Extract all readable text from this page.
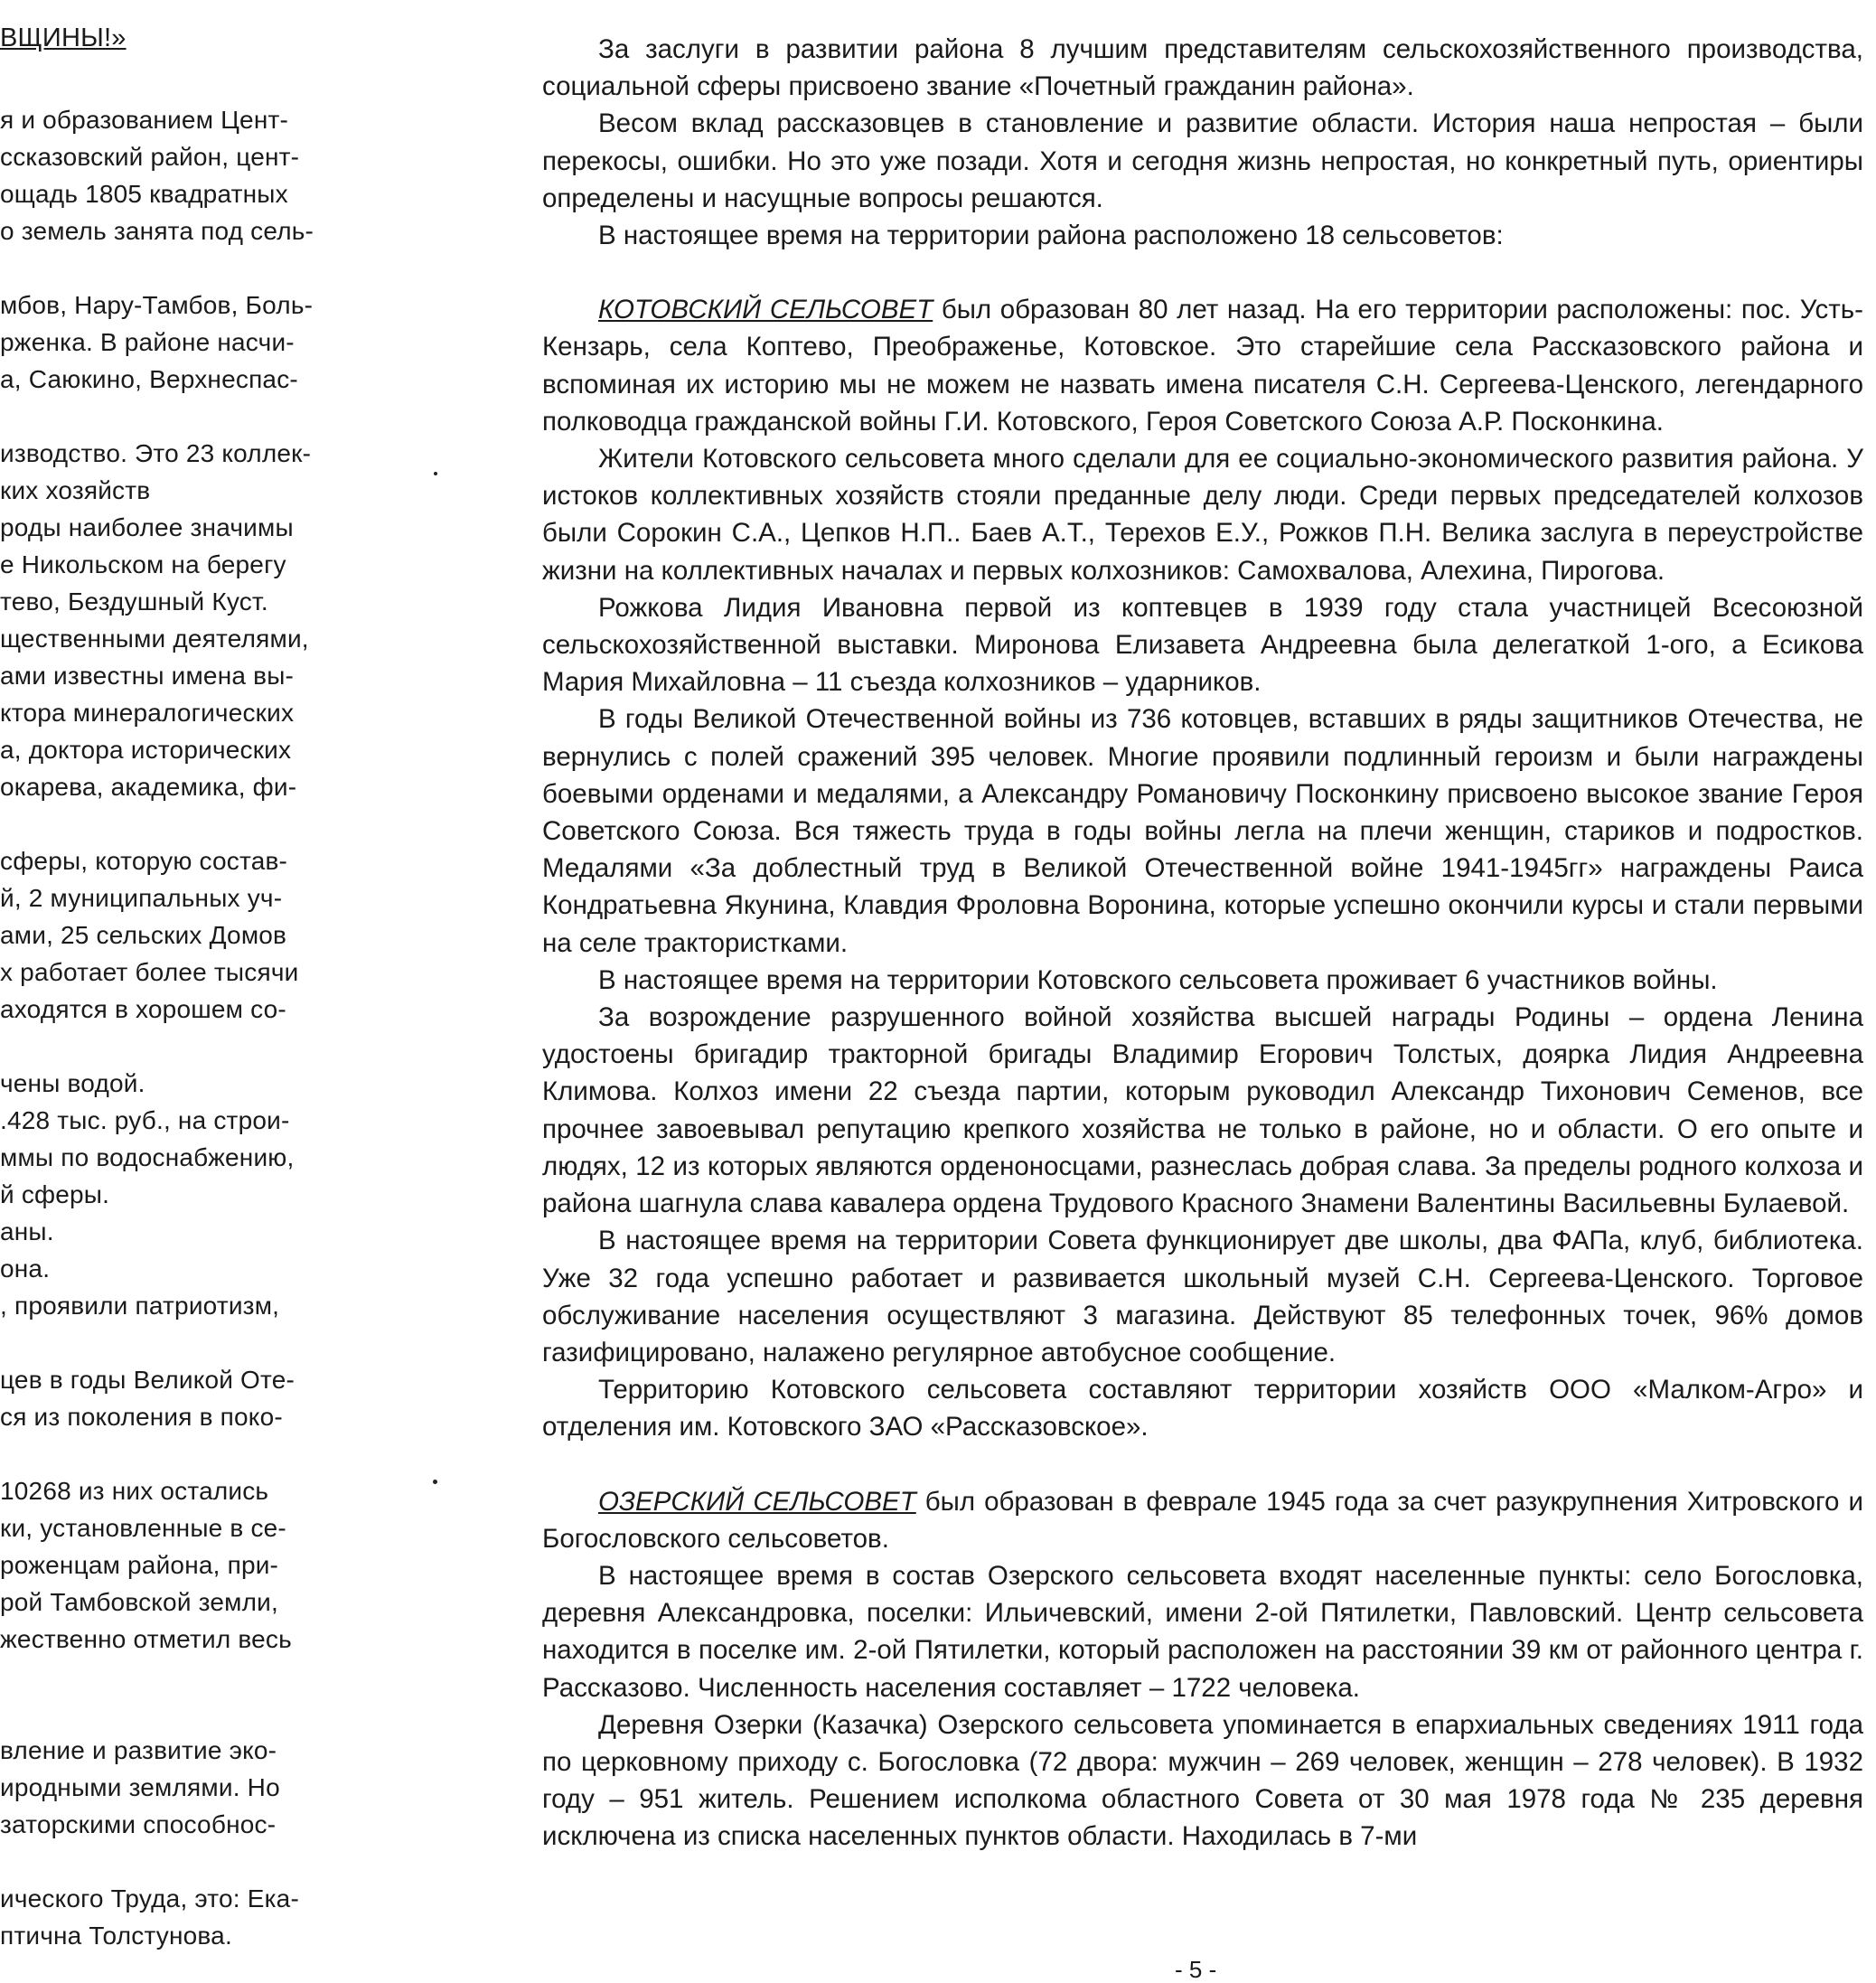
ВЩИНЫ!»
я и образованием Цент-
ссказовский район, цент-
ощадь 1805 квадратных
о земель занята под сель-
мбов, Нару-Тамбов, Боль-
рженка. В районе насчи-
а, Саюкино, Верхнеспас-
изводство. Это 23 коллек-
ких хозяйств
роды наиболее значимы
е Никольском на берегу
тево, Бездушный Куст.
щественными деятелями,
ами известны имена вы-
ктора минералогических
а, доктора исторических
окарева, академика, фи-
сферы, которую состав-
й, 2 муниципальных уч-
ами, 25 сельских Домов
х работает более тысячи
аходятся в хорошем со-
чены водой.
.428 тыс. руб., на строи-
ммы по водоснабжению,
й сферы.
аны.
она.
, проявили патриотизм,
цев в годы Великой Оте-
ся из поколения в поко-
10268 из них остались
ки, установленные в се-
роженцам района, при-
рой Тамбовской земли,
жественно отметил весь
вление и развитие эко-
иродными землями. Но
заторскими способнос-
ического Труда, это: Ека-
птична Толстунова.

За заслуги в развитии района 8 лучшим представителям сельскохозяйственного производства, социальной сферы присвоено звание «Почетный гражданин района».

Весом вклад рассказовцев в становление и развитие области. История наша непростая – были перекосы, ошибки. Но это уже позади. Хотя и сегодня жизнь непростая, но конкретный путь, ориентиры определены и насущные вопросы решаются.

В настоящее время на территории района расположено 18 сельсоветов:

КОТОВСКИЙ СЕЛЬСОВЕТ был образован 80 лет назад. На его территории расположены: пос. Усть-Кензарь, села Коптево, Преображенье, Котовское. Это старейшие села Рассказовского района и вспоминая их историю мы не можем не назвать имена писателя С.Н. Сергеева-Ценского, легендарного полководца гражданской войны Г.И. Котовского, Героя Советского Союза А.Р. Посконкина.

Жители Котовского сельсовета много сделали для ее социально-экономического развития района. У истоков коллективных хозяйств стояли преданные делу люди. Среди первых председателей колхозов были Сорокин С.А., Цепков Н.П.. Баев А.Т., Терехов Е.У., Рожков П.Н. Велика заслуга в переустройстве жизни на коллективных началах и первых колхозников: Самохвалова, Алехина, Пирогова.

Рожкова Лидия Ивановна первой из коптевцев в 1939 году стала участницей Всесоюзной сельскохозяйственной выставки. Миронова Елизавета Андреевна была делегаткой 1-ого, а Есикова Мария Михайловна – 11 съезда колхозников – ударников.

В годы Великой Отечественной войны из 736 котовцев, вставших в ряды защитников Отечества, не вернулись с полей сражений 395 человек. Многие проявили подлинный героизм и были награждены боевыми орденами и медалями, а Александру Романовичу Посконкину присвоено высокое звание Героя Советского Союза. Вся тяжесть труда в годы войны легла на плечи женщин, стариков и подростков. Медалями «За доблестный труд в Великой Отечественной войне 1941-1945гг» награждены Раиса Кондратьевна Якунина, Клавдия Фроловна Воронина, которые успешно окончили курсы и стали первыми на селе трактористками.

В настоящее время на территории Котовского сельсовета проживает 6 участников войны.

За возрождение разрушенного войной хозяйства высшей награды Родины – ордена Ленина удостоены бригадир тракторной бригады Владимир Егорович Толстых, доярка Лидия Андреевна Климова. Колхоз имени 22 съезда партии, которым руководил Александр Тихонович Семенов, все прочнее завоевывал репутацию крепкого хозяйства не только в районе, но и области. О его опыте и людях, 12 из которых являются орденоносцами, разнеслась добрая слава. За пределы родного колхоза и района шагнула слава кавалера ордена Трудового Красного Знамени Валентины Васильевны Булаевой.

В настоящее время на территории Совета функционирует две школы, два ФАПа, клуб, библиотека. Уже 32 года успешно работает и развивается школьный музей С.Н. Сергеева-Ценского. Торговое обслуживание населения осуществляют 3 магазина. Действуют 85 телефонных точек, 96% домов газифицировано, налажено регулярное автобусное сообщение.

Территорию Котовского сельсовета составляют территории хозяйств ООО «Малком-Агро» и отделения им. Котовского ЗАО «Рассказовское».

ОЗЕРСКИЙ СЕЛЬСОВЕТ был образован в феврале 1945 года за счет разукрупнения Хитровского и Богословского сельсоветов.

В настоящее время в состав Озерского сельсовета входят населенные пункты: село Богословка, деревня Александровка, поселки: Ильичевский, имени 2-ой Пятилетки, Павловский. Центр сельсовета находится в поселке им. 2-ой Пятилетки, который расположен на расстоянии 39 км от районного центра г. Рассказово. Численность населения составляет – 1722 человека.

Деревня Озерки (Казачка) Озерского сельсовета упоминается в епархиальных сведениях 1911 года по церковному приходу с. Богословка (72 двора: мужчин – 269 человек, женщин – 278 человек). В 1932 году – 951 житель. Решением исполкома областного Совета от 30 мая 1978 года № 235 деревня исключена из списка населенных пунктов области. Находилась в 7-ми

- 5 -
